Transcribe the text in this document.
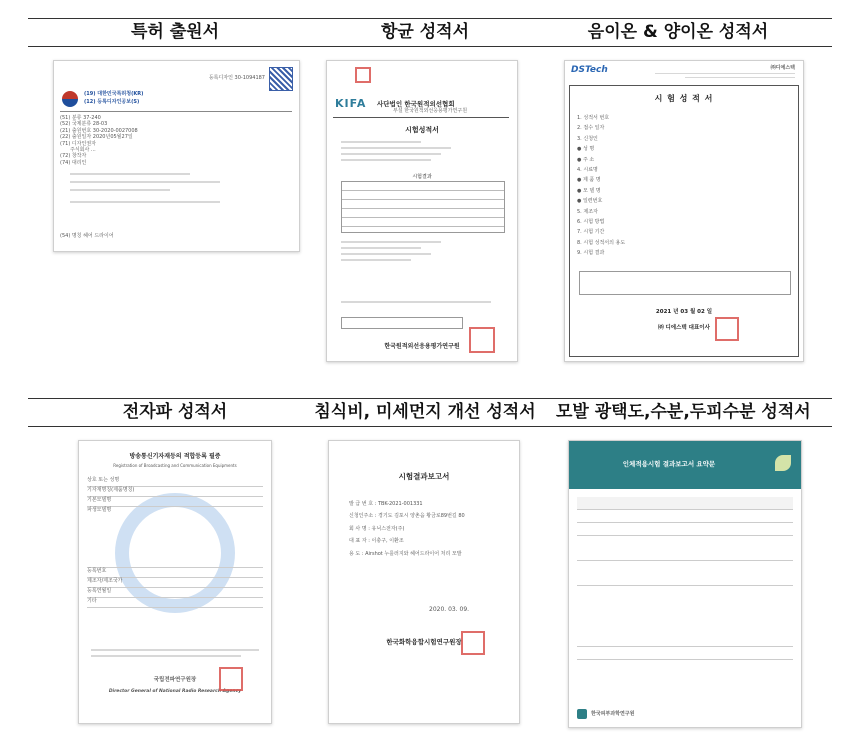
특허 출원서	항균 성적서	음이온 & 양이온 성적서
전자파 성적서	침식비, 미세먼지 개선 성적서 모발 광택도,수분,두피수분 성적서
등록디자인 30-1094187
(19) 대한민국특허청(KR)
(12) 등록디자인공보(S)
(51) 분류 37-240
(52) 국제분류 28-03
(21) 출원번호 30-2020-0027008
(22) 출원일자 2020년05월27일
(71) 디자인권자
주식회사 ...
(72) 창작자
(74) 대리인
(54) 명칭 헤어 드라이어
KIFA 사단법인 한국원적외선협회
부설 한국원적외선응용평가연구원
시험성적서
시험결과
한국원적외선응용평가연구원
DSTech	㈜디에스텍
시 험 성 적 서
1. 성적서 번호
2. 접수 일자
3. 신청인
● 성 명
● 주 소
4. 시료명
● 제 품 명
● 모 델 명
● 일련번호
5. 제조자
6. 시험 방법
7. 시험 기간
8. 시험 성적서의 용도
9. 시험 결과
2021 년 03 월 02 일
㈜ 디에스텍 대표이사
방송통신기자재등의 적합등록 필증
Registration of Broadcasting and Communication Equipments
상호 또는 성명
기자재명칭(제품명칭)
기본모델명
파생모델명
등록번호
제조자/제조국가
등록연월일
기타
국립전파연구원장
Director General of National Radio Research Agency
시험결과보고서
발 급 번 호 : TBK-2021-001331
신청인주소 : 경기도 김포시 양촌읍 황금로89번길 80
회 사 명 : 유닉스전자(주)
대 표 자 : 이충구, 이환조
용 도 : Airshot 누를러지와 헤어드라이어 처리 모발
2020. 03. 09.
한국화학융합시험연구원장
인체적용시험 결과보고서 요약문
한국피부과학연구원
